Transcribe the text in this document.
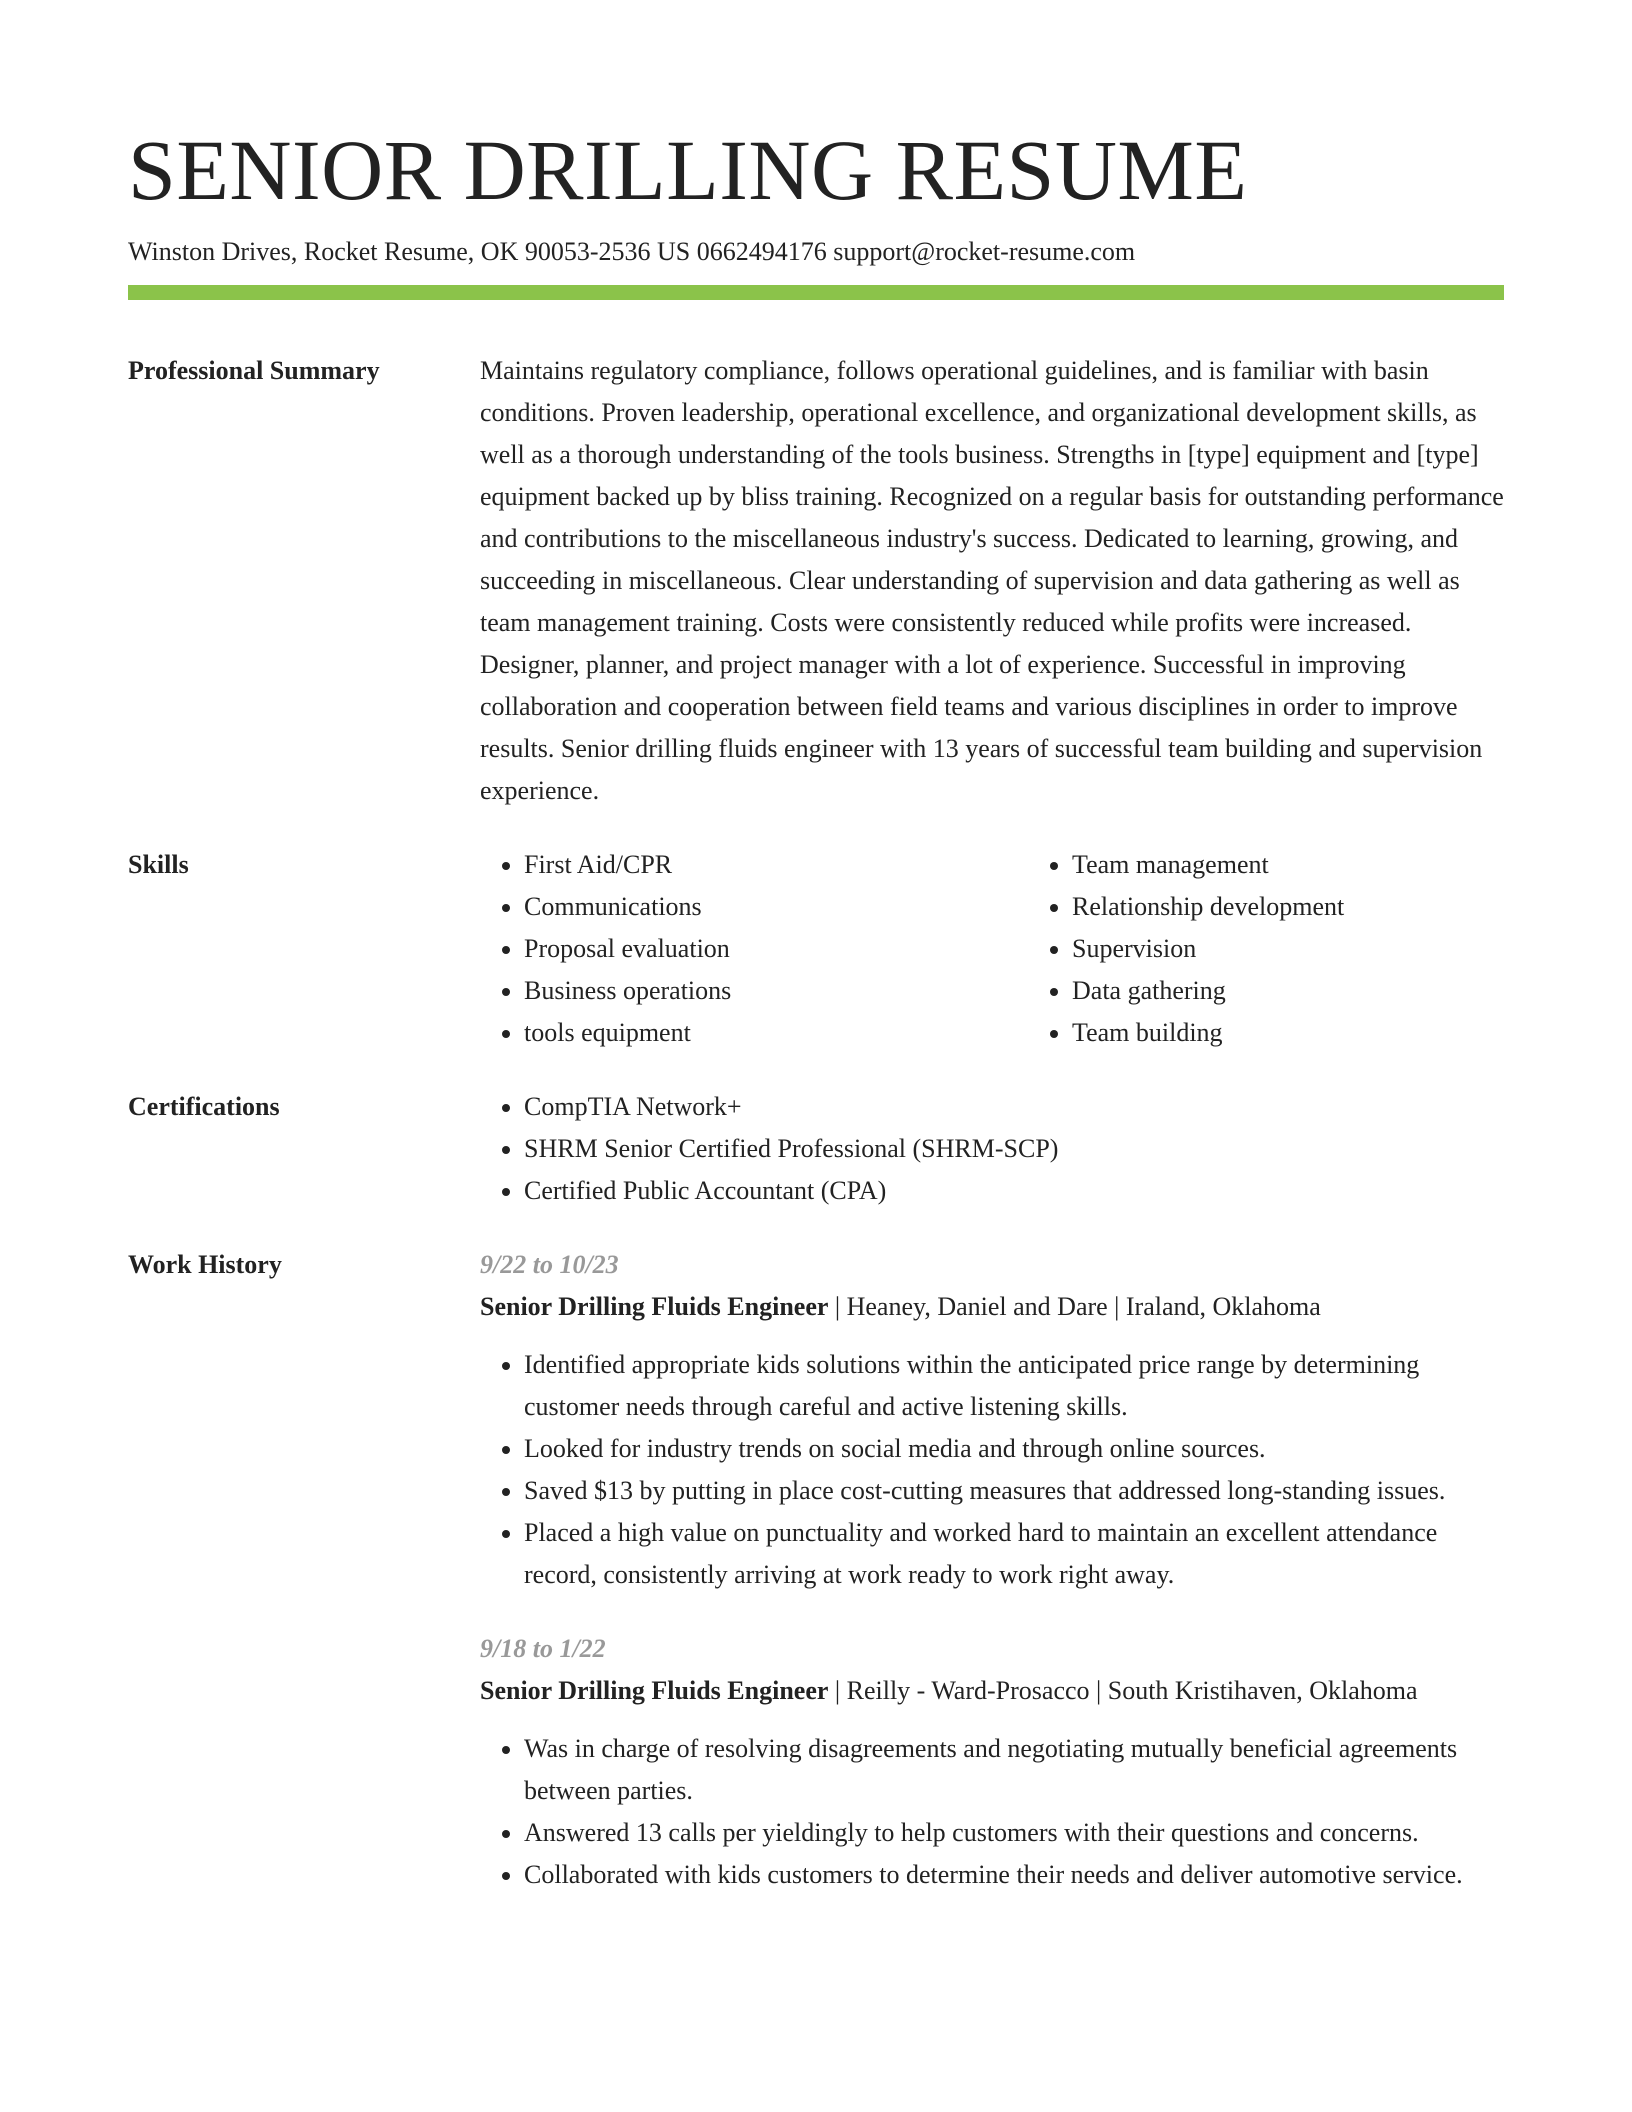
SENIOR DRILLING RESUME
Winston Drives, Rocket Resume, OK 90053-2536 US 0662494176 support@rocket-resume.com
Professional Summary	Maintains regulatory compliance, follows operational guidelines, and is familiar with basin conditions. Proven leadership, operational excellence, and organizational development skills, as well as a thorough understanding of the tools business. Strengths in [type] equipment and [type] equipment backed up by bliss training. Recognized on a regular basis for outstanding performance and contributions to the miscellaneous industry's success. Dedicated to learning, growing, and succeeding in miscellaneous. Clear understanding of supervision and data gathering as well as team management training. Costs were consistently reduced while profits were increased. Designer, planner, and project manager with a lot of experience. Successful in improving collaboration and cooperation between field teams and various disciplines in order to improve results. Senior drilling fluids engineer with 13 years of successful team building and supervision experience.

Skills	• First Aid/CPR
• Communications
• Proposal evaluation
• Business operations
• tools equipment
• Team management
• Relationship development
• Supervision
• Data gathering
• Team building
Certifications	• CompTIA Network+
• SHRM Senior Certified Professional (SHRM-SCP)
• Certified Public Accountant (CPA)
Work History	9/22 to 10/23
Senior Drilling Fluids Engineer | Heaney, Daniel and Dare | Iraland, Oklahoma
• Identified appropriate kids solutions within the anticipated price range by determining customer needs through careful and active listening skills.
• Looked for industry trends on social media and through online sources.
• Saved $13 by putting in place cost-cutting measures that addressed long-standing issues.
• Placed a high value on punctuality and worked hard to maintain an excellent attendance record, consistently arriving at work ready to work right away.
9/18 to 1/22
Senior Drilling Fluids Engineer | Reilly - Ward-Prosacco | South Kristihaven, Oklahoma
• Was in charge of resolving disagreements and negotiating mutually beneficial agreements between parties.
• Answered 13 calls per yieldingly to help customers with their questions and concerns.
• Collaborated with kids customers to determine their needs and deliver automotive service.
